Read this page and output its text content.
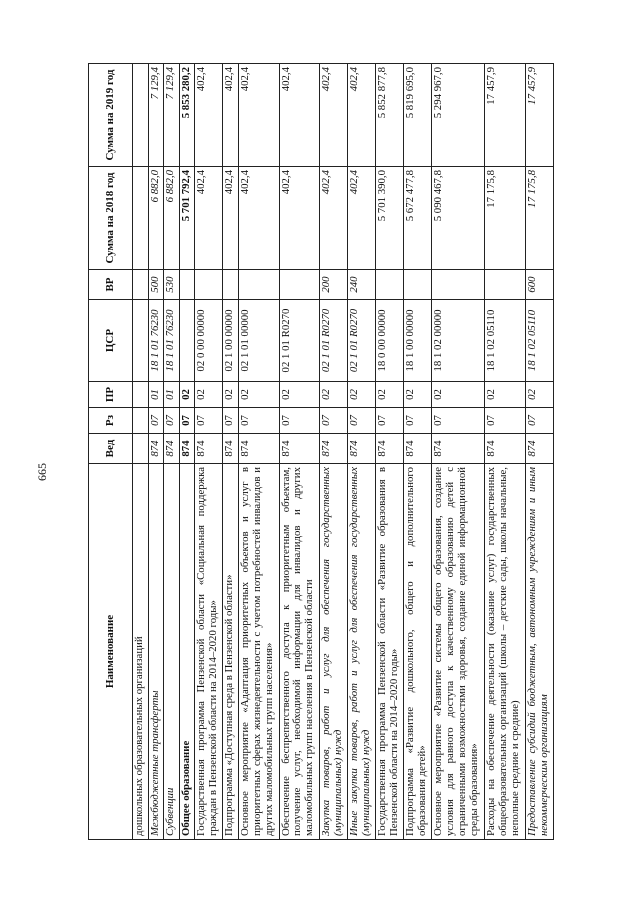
665
Наименование	Вед	Рз	ПР	ЦСР	ВР	Сумма на 2018 год	Сумма на 2019 год
дошкольных образовательных организаций							
Межбюджетные трансферты	874	07	01	18 1 01 76230	500	6 882,0	7 129,4
Субвенции	874	07	01	18 1 01 76230	530	6 882,0	7 129,4
Общее образование	874	07	02			5 701 792,4	5 853 280,2
Государственная программа Пензенской области «Социальная поддержка граждан в Пензенской области на 2014–2020 годы»	874	07	02	02 0 00 00000		402,4	402,4
Подпрограмма «Доступная среда в Пензенской области»	874	07	02	02 1 00 00000		402,4	402,4
Основное мероприятие «Адаптация приоритетных объектов и услуг в приоритетных сферах жизнедеятельности с учетом потребностей инвалидов и других маломобильных групп населения»	874	07	02	02 1 01 00000		402,4	402,4
Обеспечение беспрепятственного доступа к приоритетным объектам, получение услуг, необходимой информации для инвалидов и других маломобильных групп населения в Пензенской области	874	07	02	02 1 01 R0270		402,4	402,4
Закупка товаров, работ и услуг для обеспечения государственных (муниципальных) нужд	874	07	02	02 1 01 R0270	200	402,4	402,4
Иные закупки товаров, работ и услуг для обеспечения государственных (муниципальных) нужд	874	07	02	02 1 01 R0270	240	402,4	402,4
Государственная программа Пензенской области «Развитие образования в Пензенской области на 2014–2020 годы»	874	07	02	18 0 00 00000		5 701 390,0	5 852 877,8
Подпрограмма «Развитие дошкольного, общего и дополнительного образования детей»	874	07	02	18 1 00 00000		5 672 477,8	5 819 695,0
Основное мероприятие «Развитие системы общего образования, создание условия для равного доступа к качественному образованию детей с ограниченными возможностями здоровья, создание единой информационной среды образования»	874	07	02	18 1 02 00000		5 090 467,8	5 294 967,0
Расходы на обеспечение деятельности (оказание услуг) государственных общеобразовательных организаций (школы – детские сады, школы начальные, неполные средние и средние)	874	07	02	18 1 02 05110		17 175,8	17 457,9
Предоставление субсидий бюджетным, автономным учреждениям и иным некоммерческим организациям	874	07	02	18 1 02 05110	600	17 175,8	17 457,9
